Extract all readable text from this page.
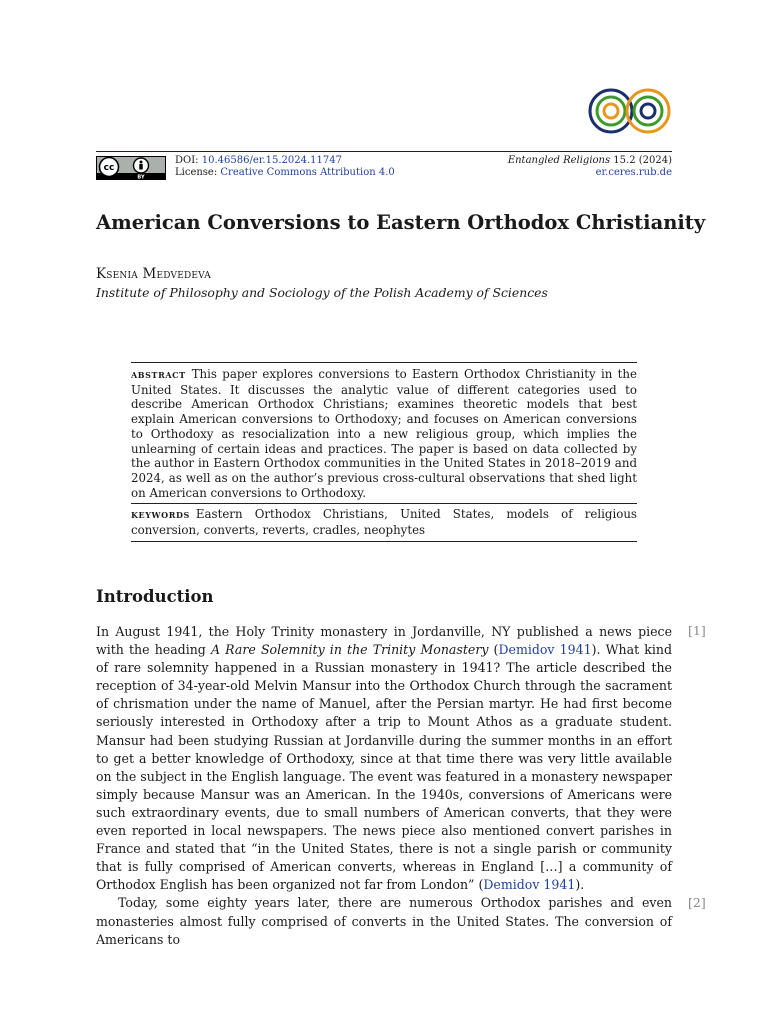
cc
BY
DOI: 10.46586/er.15.2024.11747
License: Creative Commons Attribution 4.0
Entangled Religions 15.2 (2024)
er.ceres.rub.de
American Conversions to Eastern Orthodox Christianity
Ksenia Medvedeva
Institute of Philosophy and Sociology of the Polish Academy of Sciences
abstract This paper explores conversions to Eastern Orthodox Christianity in the United States. It discusses the analytic value of different categories used to describe American Orthodox Christians; examines theoretic models that best explain American conversions to Orthodoxy; and focuses on American conversions to Orthodoxy as resocialization into a new religious group, which implies the unlearning of certain ideas and practices. The paper is based on data collected by the author in Eastern Orthodox communities in the United States in 2018–2019 and 2024, as well as on the author’s previous cross-cultural observations that shed light on American conversions to Orthodoxy.
keywords Eastern Orthodox Christians, United States, models of religious conversion, converts, reverts, cradles, neophytes
Introduction
[1]
[2]

In August 1941, the Holy Trinity monastery in Jordanville, NY published a news piece with the heading A Rare Solemnity in the Trinity Monastery (Demidov 1941). What kind of rare solemnity happened in a Russian monastery in 1941? The article described the reception of 34-year-old Melvin Mansur into the Orthodox Church through the sacrament of chrismation under the name of Manuel, after the Persian martyr. He had first become seriously interested in Orthodoxy after a trip to Mount Athos as a graduate student. Mansur had been studying Russian at Jordanville during the summer months in an effort to get a better knowledge of Orthodoxy, since at that time there was very little available on the subject in the English language. The event was featured in a monastery newspaper simply because Mansur was an American. In the 1940s, conversions of Americans were such extraordinary events, due to small numbers of American converts, that they were even reported in local newspapers. The news piece also mentioned convert parishes in France and stated that “in the United States, there is not a single parish or community that is fully comprised of American converts, whereas in England […] a community of Orthodox English has been organized not far from London” (Demidov 1941).

Today, some eighty years later, there are numerous Orthodox parishes and even monasteries almost fully comprised of converts in the United States. The conversion of Americans to
